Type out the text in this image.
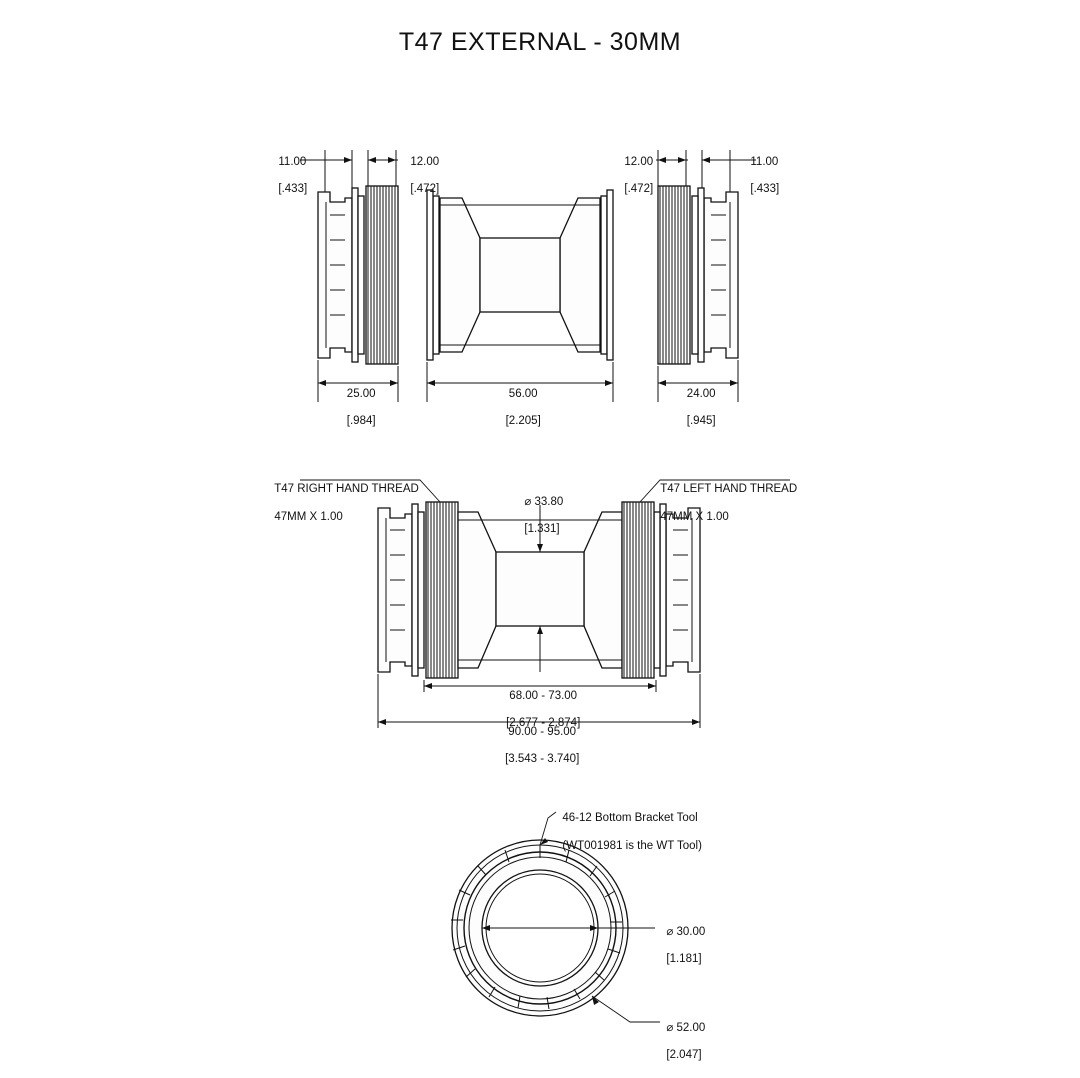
T47 EXTERNAL - 30MM

11.00

[.433]

12.00

[.472]

12.00

[.472]

11.00

[.433]

25.00

[.984]

56.00

[2.205]

24.00

[.945]

T47 RIGHT HAND THREAD

47MM X 1.00

T47 LEFT HAND THREAD

47MM X 1.00

⌀ 33.80

[1.331]

68.00 - 73.00

[2.677 - 2.874]

90.00 - 95.00

[3.543 - 3.740]

46-12 Bottom Bracket Tool

(WT001981 is the WT Tool)

⌀ 30.00

[1.181]

⌀ 52.00

[2.047]
